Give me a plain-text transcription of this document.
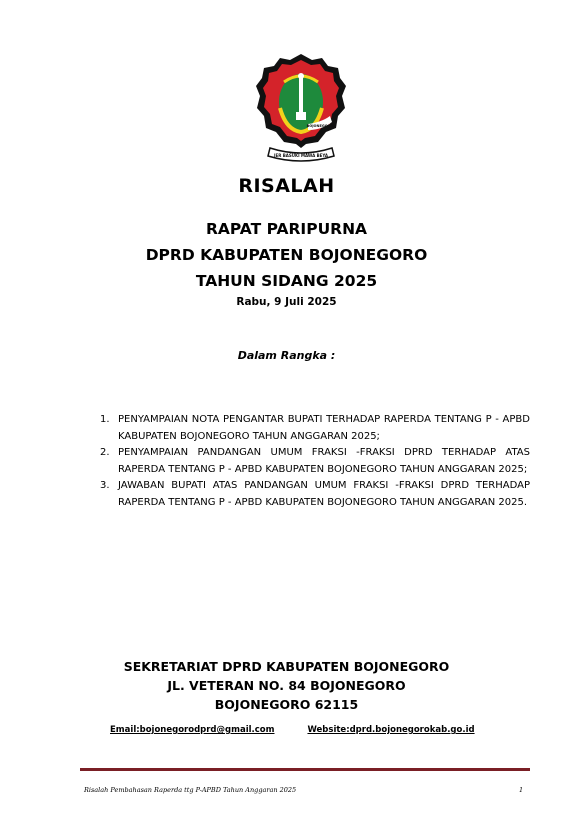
BOJONEGORO
JER BASUKI MAWA BEYA
RISALAH
RAPAT PARIPURNA
DPRD KABUPATEN BOJONEGORO
TAHUN SIDANG 2025
Rabu, 9 Juli 2025
Dalam Rangka :
1. PENYAMPAIAN NOTA PENGANTAR BUPATI TERHADAP RAPERDA TENTANG P - APBD KABUPATEN BOJONEGORO TAHUN ANGGARAN 2025;
2. PENYAMPAIAN PANDANGAN UMUM FRAKSI -FRAKSI DPRD TERHADAP ATAS RAPERDA TENTANG P - APBD KABUPATEN BOJONEGORO TAHUN ANGGARAN 2025;
3. JAWABAN BUPATI ATAS PANDANGAN UMUM FRAKSI -FRAKSI DPRD TERHADAP RAPERDA TENTANG P - APBD KABUPATEN BOJONEGORO TAHUN ANGGARAN 2025.
SEKRETARIAT DPRD KABUPATEN BOJONEGORO
JL. VETERAN NO. 84 BOJONEGORO
BOJONEGORO 62115
Email:bojonegorodprd@gmail.com	Website:dprd.bojonegorokab.go.id
Risalah Pembahasan Raperda ttg P-APBD Tahun Anggaran 2025	1
